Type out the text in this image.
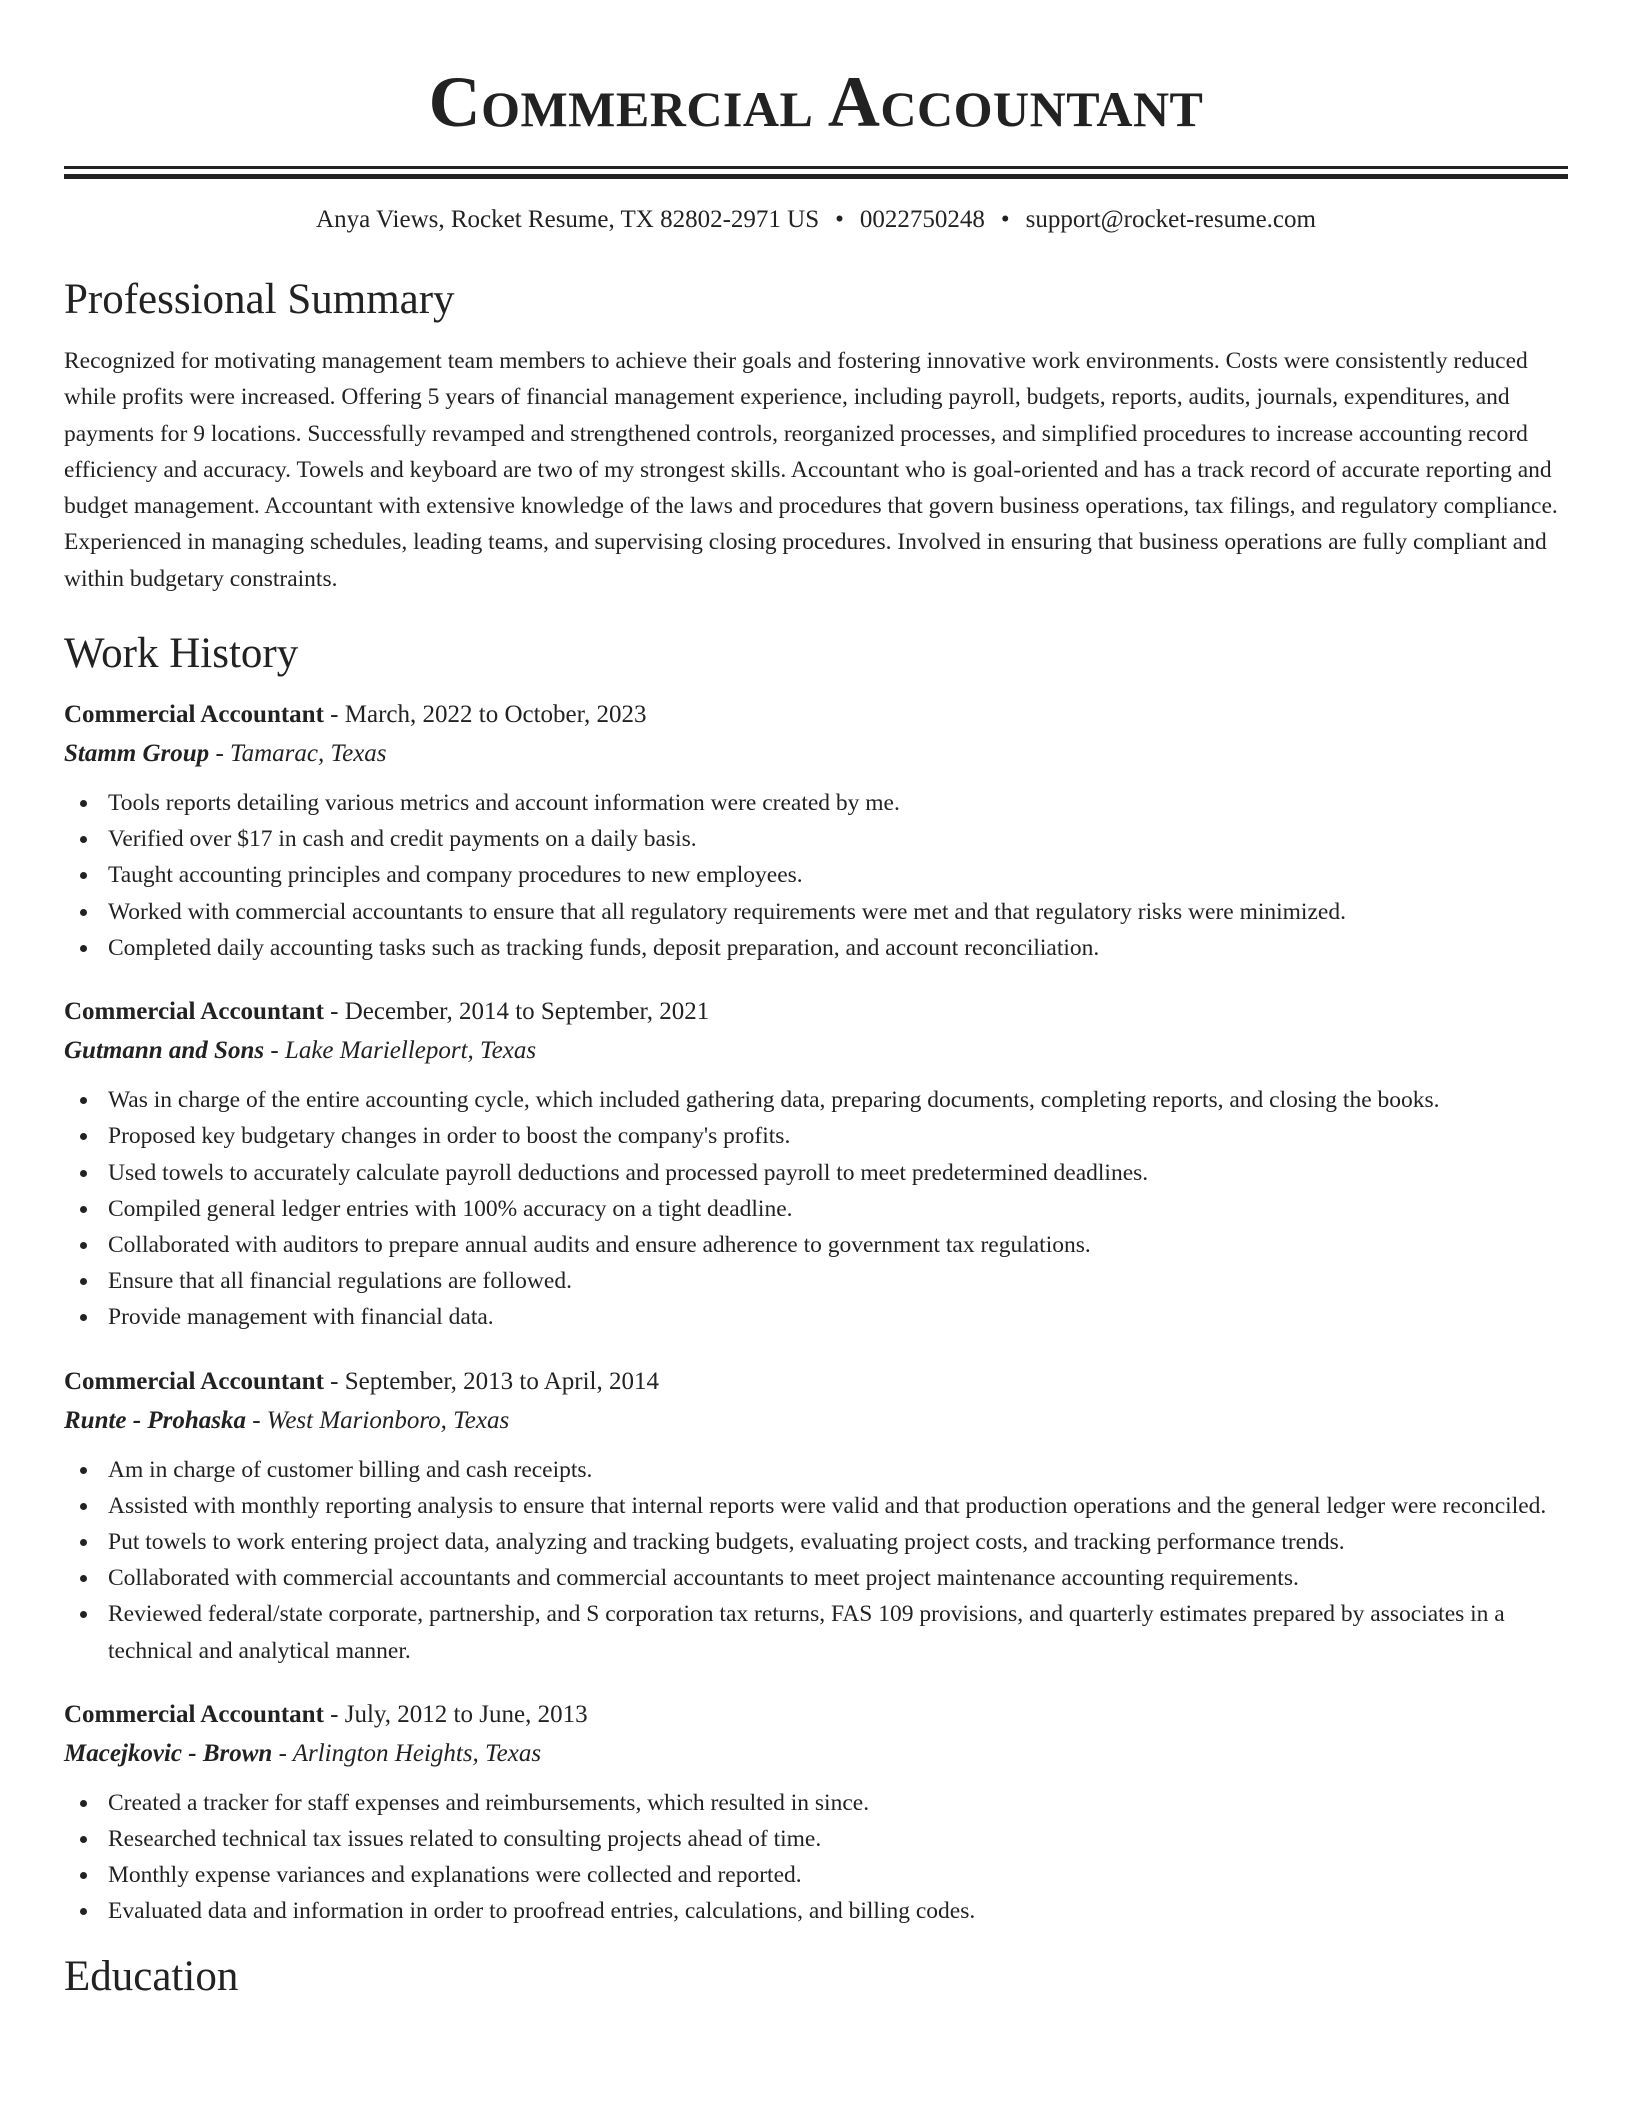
Commercial Accountant
Anya Views, Rocket Resume, TX 82802-2971 US • 0022750248 • support@rocket-resume.com
Professional Summary

Recognized for motivating management team members to achieve their goals and fostering innovative work environments. Costs were consistently reduced while profits were increased. Offering 5 years of financial management experience, including payroll, budgets, reports, audits, journals, expenditures, and payments for 9 locations. Successfully revamped and strengthened controls, reorganized processes, and simplified procedures to increase accounting record efficiency and accuracy. Towels and keyboard are two of my strongest skills. Accountant who is goal-oriented and has a track record of accurate reporting and budget management. Accountant with extensive knowledge of the laws and procedures that govern business operations, tax filings, and regulatory compliance. Experienced in managing schedules, leading teams, and supervising closing procedures. Involved in ensuring that business operations are fully compliant and within budgetary constraints.

Work History
Commercial Accountant - March, 2022 to October, 2023
Stamm Group - Tamarac, Texas
Tools reports detailing various metrics and account information were created by me.
Verified over $17 in cash and credit payments on a daily basis.
Taught accounting principles and company procedures to new employees.
Worked with commercial accountants to ensure that all regulatory requirements were met and that regulatory risks were minimized.
Completed daily accounting tasks such as tracking funds, deposit preparation, and account reconciliation.
Commercial Accountant - December, 2014 to September, 2021
Gutmann and Sons - Lake Marielleport, Texas
Was in charge of the entire accounting cycle, which included gathering data, preparing documents, completing reports, and closing the books.
Proposed key budgetary changes in order to boost the company's profits.
Used towels to accurately calculate payroll deductions and processed payroll to meet predetermined deadlines.
Compiled general ledger entries with 100% accuracy on a tight deadline.
Collaborated with auditors to prepare annual audits and ensure adherence to government tax regulations.
Ensure that all financial regulations are followed.
Provide management with financial data.
Commercial Accountant - September, 2013 to April, 2014
Runte - Prohaska - West Marionboro, Texas
Am in charge of customer billing and cash receipts.
Assisted with monthly reporting analysis to ensure that internal reports were valid and that production operations and the general ledger were reconciled.
Put towels to work entering project data, analyzing and tracking budgets, evaluating project costs, and tracking performance trends.
Collaborated with commercial accountants and commercial accountants to meet project maintenance accounting requirements.
Reviewed federal/state corporate, partnership, and S corporation tax returns, FAS 109 provisions, and quarterly estimates prepared by associates in a technical and analytical manner.
Commercial Accountant - July, 2012 to June, 2013
Macejkovic - Brown - Arlington Heights, Texas
Created a tracker for staff expenses and reimbursements, which resulted in since.
Researched technical tax issues related to consulting projects ahead of time.
Monthly expense variances and explanations were collected and reported.
Evaluated data and information in order to proofread entries, calculations, and billing codes.
Education
